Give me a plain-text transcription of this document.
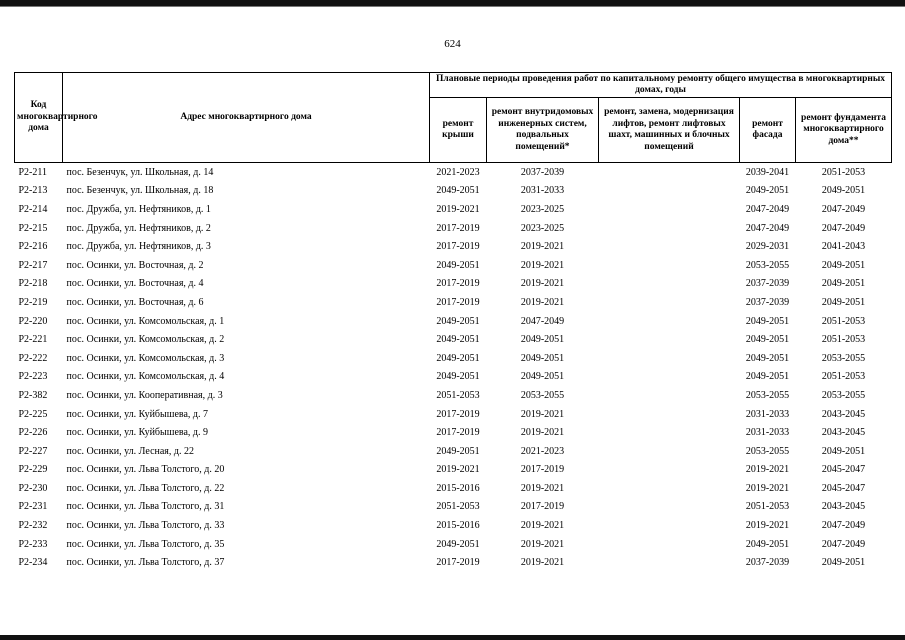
624
Код многоквартирного дома	Адрес многоквартирного дома	Плановые периоды проведения работ по капитальному ремонту общего имущества в многоквартирных домах, годы				
		ремонт крыши	ремонт внутридомовых инженерных систем, подвальных помещений*	ремонт, замена, модернизация лифтов, ремонт лифтовых шахт, машинных и блочных помещений	ремонт фасада	ремонт фундамента многоквартирного дома**
Р2-211	пос. Безенчук, ул. Школьная, д. 14	2021-2023	2037-2039		2039-2041	2051-2053
Р2-213	пос. Безенчук, ул. Школьная, д. 18	2049-2051	2031-2033		2049-2051	2049-2051
Р2-214	пос. Дружба, ул. Нефтяников, д. 1	2019-2021	2023-2025		2047-2049	2047-2049
Р2-215	пос. Дружба, ул. Нефтяников, д. 2	2017-2019	2023-2025		2047-2049	2047-2049
Р2-216	пос. Дружба, ул. Нефтяников, д. 3	2017-2019	2019-2021		2029-2031	2041-2043
Р2-217	пос. Осинки, ул. Восточная, д. 2	2049-2051	2019-2021		2053-2055	2049-2051
Р2-218	пос. Осинки, ул. Восточная, д. 4	2017-2019	2019-2021		2037-2039	2049-2051
Р2-219	пос. Осинки, ул. Восточная, д. 6	2017-2019	2019-2021		2037-2039	2049-2051
Р2-220	пос. Осинки, ул. Комсомольская, д. 1	2049-2051	2047-2049		2049-2051	2051-2053
Р2-221	пос. Осинки, ул. Комсомольская, д. 2	2049-2051	2049-2051		2049-2051	2051-2053
Р2-222	пос. Осинки, ул. Комсомольская, д. 3	2049-2051	2049-2051		2049-2051	2053-2055
Р2-223	пос. Осинки, ул. Комсомольская, д. 4	2049-2051	2049-2051		2049-2051	2051-2053
Р2-382	пос. Осинки, ул. Кооперативная, д. 3	2051-2053	2053-2055		2053-2055	2053-2055
Р2-225	пос. Осинки, ул. Куйбышева, д. 7	2017-2019	2019-2021		2031-2033	2043-2045
Р2-226	пос. Осинки, ул. Куйбышева, д. 9	2017-2019	2019-2021		2031-2033	2043-2045
Р2-227	пос. Осинки, ул. Лесная, д. 22	2049-2051	2021-2023		2053-2055	2049-2051
Р2-229	пос. Осинки, ул. Льва Толстого, д. 20	2019-2021	2017-2019		2019-2021	2045-2047
Р2-230	пос. Осинки, ул. Льва Толстого, д. 22	2015-2016	2019-2021		2019-2021	2045-2047
Р2-231	пос. Осинки, ул. Льва Толстого, д. 31	2051-2053	2017-2019		2051-2053	2043-2045
Р2-232	пос. Осинки, ул. Льва Толстого, д. 33	2015-2016	2019-2021		2019-2021	2047-2049
Р2-233	пос. Осинки, ул. Льва Толстого, д. 35	2049-2051	2019-2021		2049-2051	2047-2049
Р2-234	пос. Осинки, ул. Льва Толстого, д. 37	2017-2019	2019-2021		2037-2039	2049-2051
